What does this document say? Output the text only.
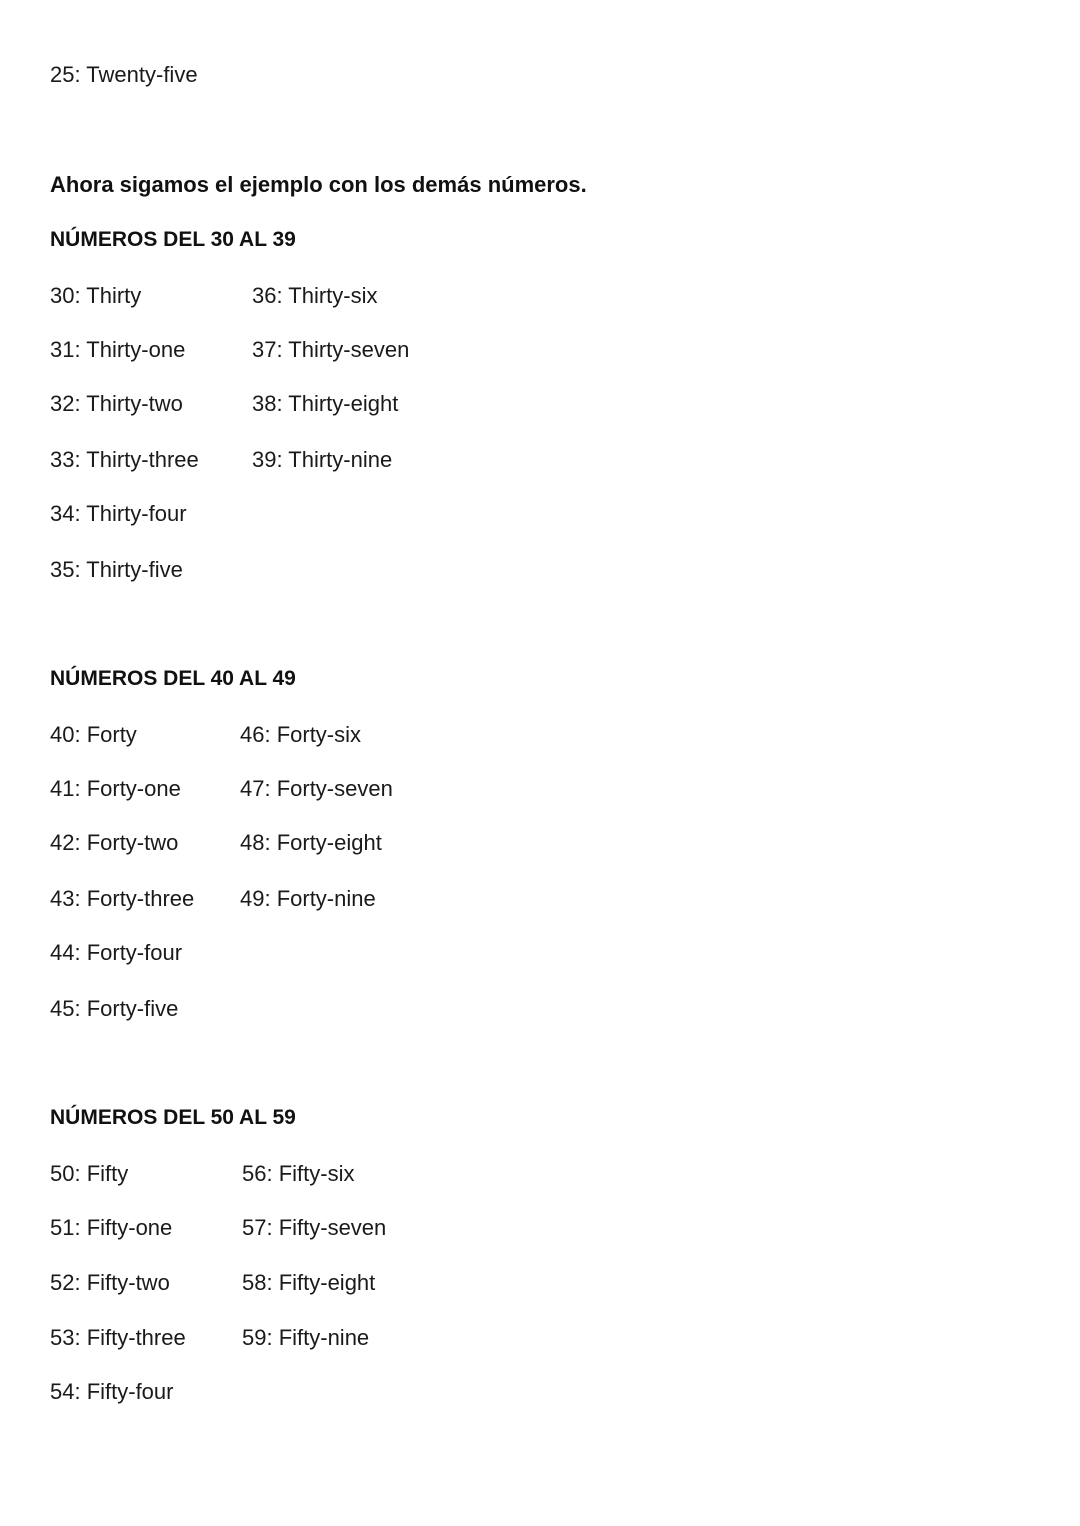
25: Twenty-five
Ahora sigamos el ejemplo con los demás números.
NÚMEROS DEL 30 AL 39
30: Thirty
31: Thirty-one
32: Thirty-two
33: Thirty-three
34: Thirty-four
35: Thirty-five
36: Thirty-six
37: Thirty-seven
38: Thirty-eight
39: Thirty-nine
NÚMEROS DEL 40 AL 49
40: Forty
41: Forty-one
42: Forty-two
43: Forty-three
44: Forty-four
45: Forty-five
46: Forty-six
47: Forty-seven
48: Forty-eight
49: Forty-nine
NÚMEROS DEL 50 AL 59
50: Fifty
51: Fifty-one
52: Fifty-two
53: Fifty-three
54: Fifty-four
56: Fifty-six
57: Fifty-seven
58: Fifty-eight
59: Fifty-nine
